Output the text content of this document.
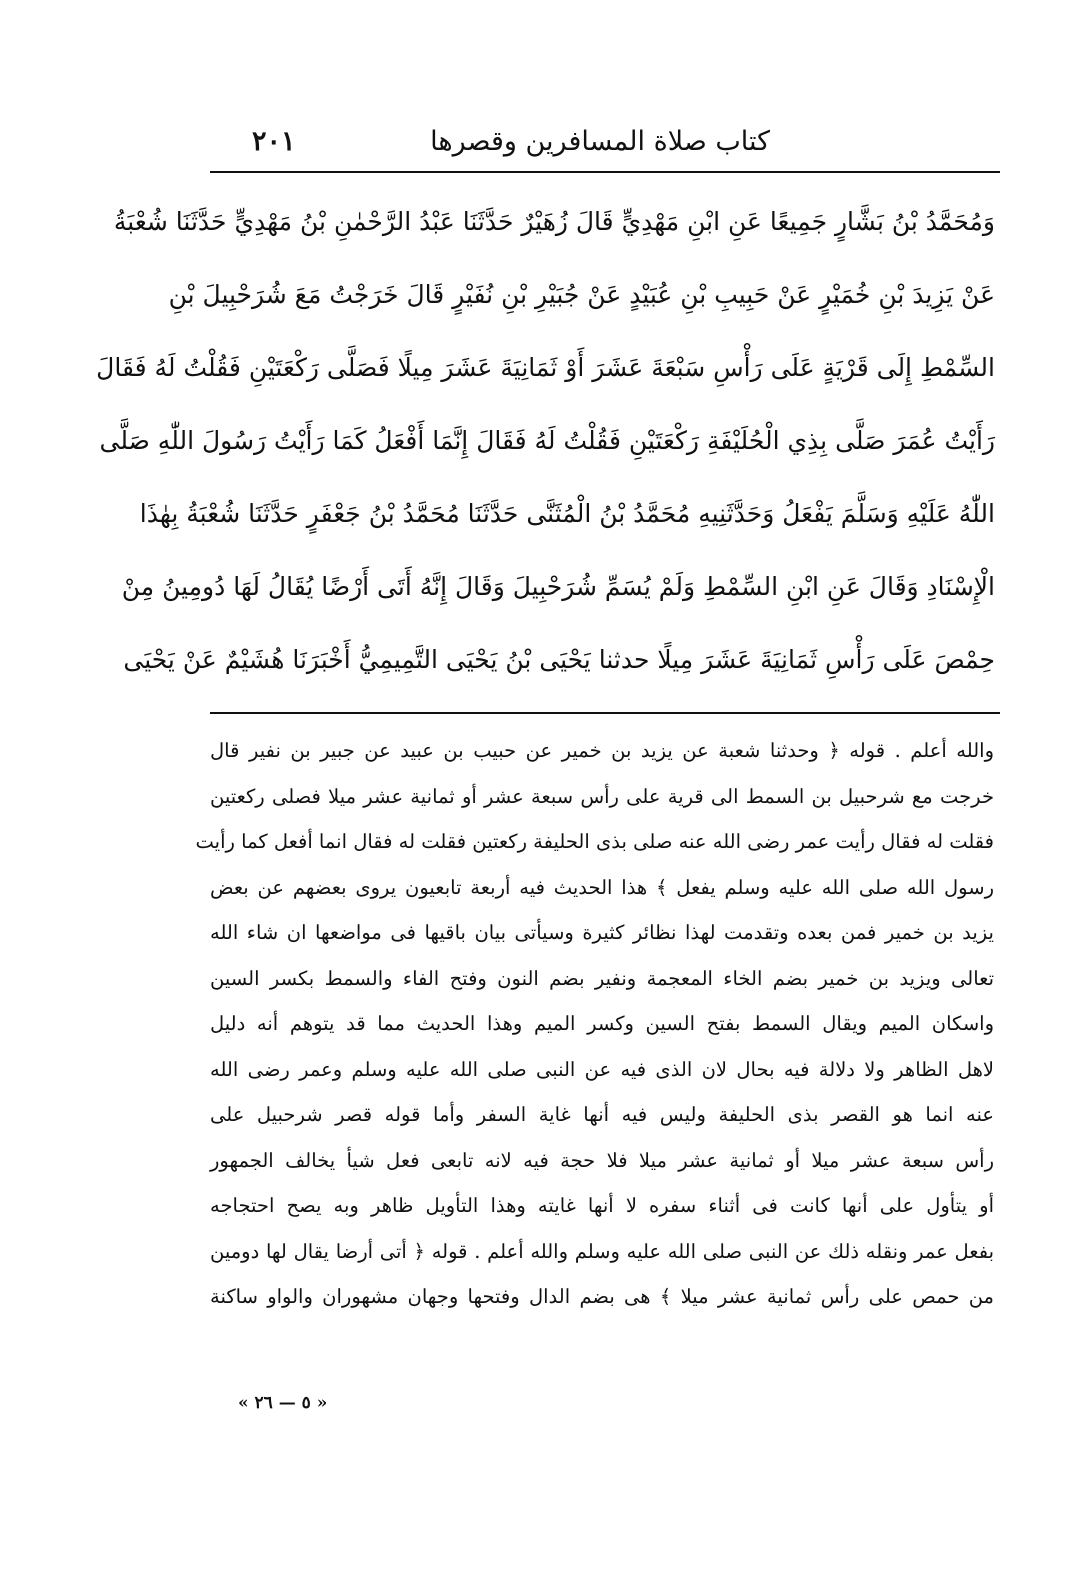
كتاب صلاة المسافرين وقصرها
٢٠١
وَمُحَمَّدُ بْنُ بَشَّارٍ جَمِيعًا عَنِ ابْنِ مَهْدِيٍّ قَالَ زُهَيْرٌ حَدَّثَنَا عَبْدُ الرَّحْمٰنِ بْنُ مَهْدِيٍّ حَدَّثَنَا شُعْبَةُ
عَنْ يَزِيدَ بْنِ خُمَيْرٍ عَنْ حَبِيبِ بْنِ عُبَيْدٍ عَنْ جُبَيْرِ بْنِ نُفَيْرٍ قَالَ خَرَجْتُ مَعَ شُرَحْبِيلَ بْنِ
السِّمْطِ إِلَى قَرْيَةٍ عَلَى رَأْسِ سَبْعَةَ عَشَرَ أَوْ ثَمَانِيَةَ عَشَرَ مِيلًا فَصَلَّى رَكْعَتَيْنِ فَقُلْتُ لَهُ فَقَالَ
رَأَيْتُ عُمَرَ صَلَّى بِذِي الْحُلَيْفَةِ رَكْعَتَيْنِ فَقُلْتُ لَهُ فَقَالَ إِنَّمَا أَفْعَلُ كَمَا رَأَيْتُ رَسُولَ اللّٰهِ صَلَّى
اللّٰهُ عَلَيْهِ وَسَلَّمَ يَفْعَلُ وَحَدَّثَنِيهِ مُحَمَّدُ بْنُ الْمُثَنَّى حَدَّثَنَا مُحَمَّدُ بْنُ جَعْفَرٍ حَدَّثَنَا شُعْبَةُ بِهٰذَا
الْإِسْنَادِ وَقَالَ عَنِ ابْنِ السِّمْطِ وَلَمْ يُسَمِّ شُرَحْبِيلَ وَقَالَ إِنَّهُ أَتَى أَرْضًا يُقَالُ لَهَا دُومِينُ مِنْ
حِمْصَ عَلَى رَأْسِ ثَمَانِيَةَ عَشَرَ مِيلًا حدثنا يَحْيَى بْنُ يَحْيَى التَّمِيمِيُّ أَخْبَرَنَا هُشَيْمٌ عَنْ يَحْيَى
والله أعلم . قوله ﴿ وحدثنا شعبة عن يزيد بن خمير عن حبيب بن عبيد عن جبير بن نفير قال
خرجت مع شرحبيل بن السمط الى قرية على رأس سبعة عشر أو ثمانية عشر ميلا فصلى ركعتين
فقلت له فقال رأيت عمر رضى الله عنه صلى بذى الحليفة ركعتين فقلت له فقال انما أفعل كما رأيت
رسول الله صلى الله عليه وسلم يفعل ﴾ هذا الحديث فيه أربعة تابعيون يروى بعضهم عن بعض
يزيد بن خمير فمن بعده وتقدمت لهذا نظائر كثيرة وسيأتى بيان باقيها فى مواضعها ان شاء الله
تعالى ويزيد بن خمير بضم الخاء المعجمة ونفير بضم النون وفتح الفاء والسمط بكسر السين
واسكان الميم ويقال السمط بفتح السين وكسر الميم وهذا الحديث مما قد يتوهم أنه دليل
لاهل الظاهر ولا دلالة فيه بحال لان الذى فيه عن النبى صلى الله عليه وسلم وعمر رضى الله
عنه انما هو القصر بذى الحليفة وليس فيه أنها غاية السفر وأما قوله قصر شرحبيل على
رأس سبعة عشر ميلا أو ثمانية عشر ميلا فلا حجة فيه لانه تابعى فعل شيأ يخالف الجمهور
أو يتأول على أنها كانت فى أثناء سفره لا أنها غايته وهذا التأويل ظاهر وبه يصح احتجاجه
بفعل عمر ونقله ذلك عن النبى صلى الله عليه وسلم والله أعلم . قوله ﴿ أتى أرضا يقال لها دومين
من حمص على رأس ثمانية عشر ميلا ﴾ هى بضم الدال وفتحها وجهان مشهوران والواو ساكنة
« ٥ — ٢٦ »
